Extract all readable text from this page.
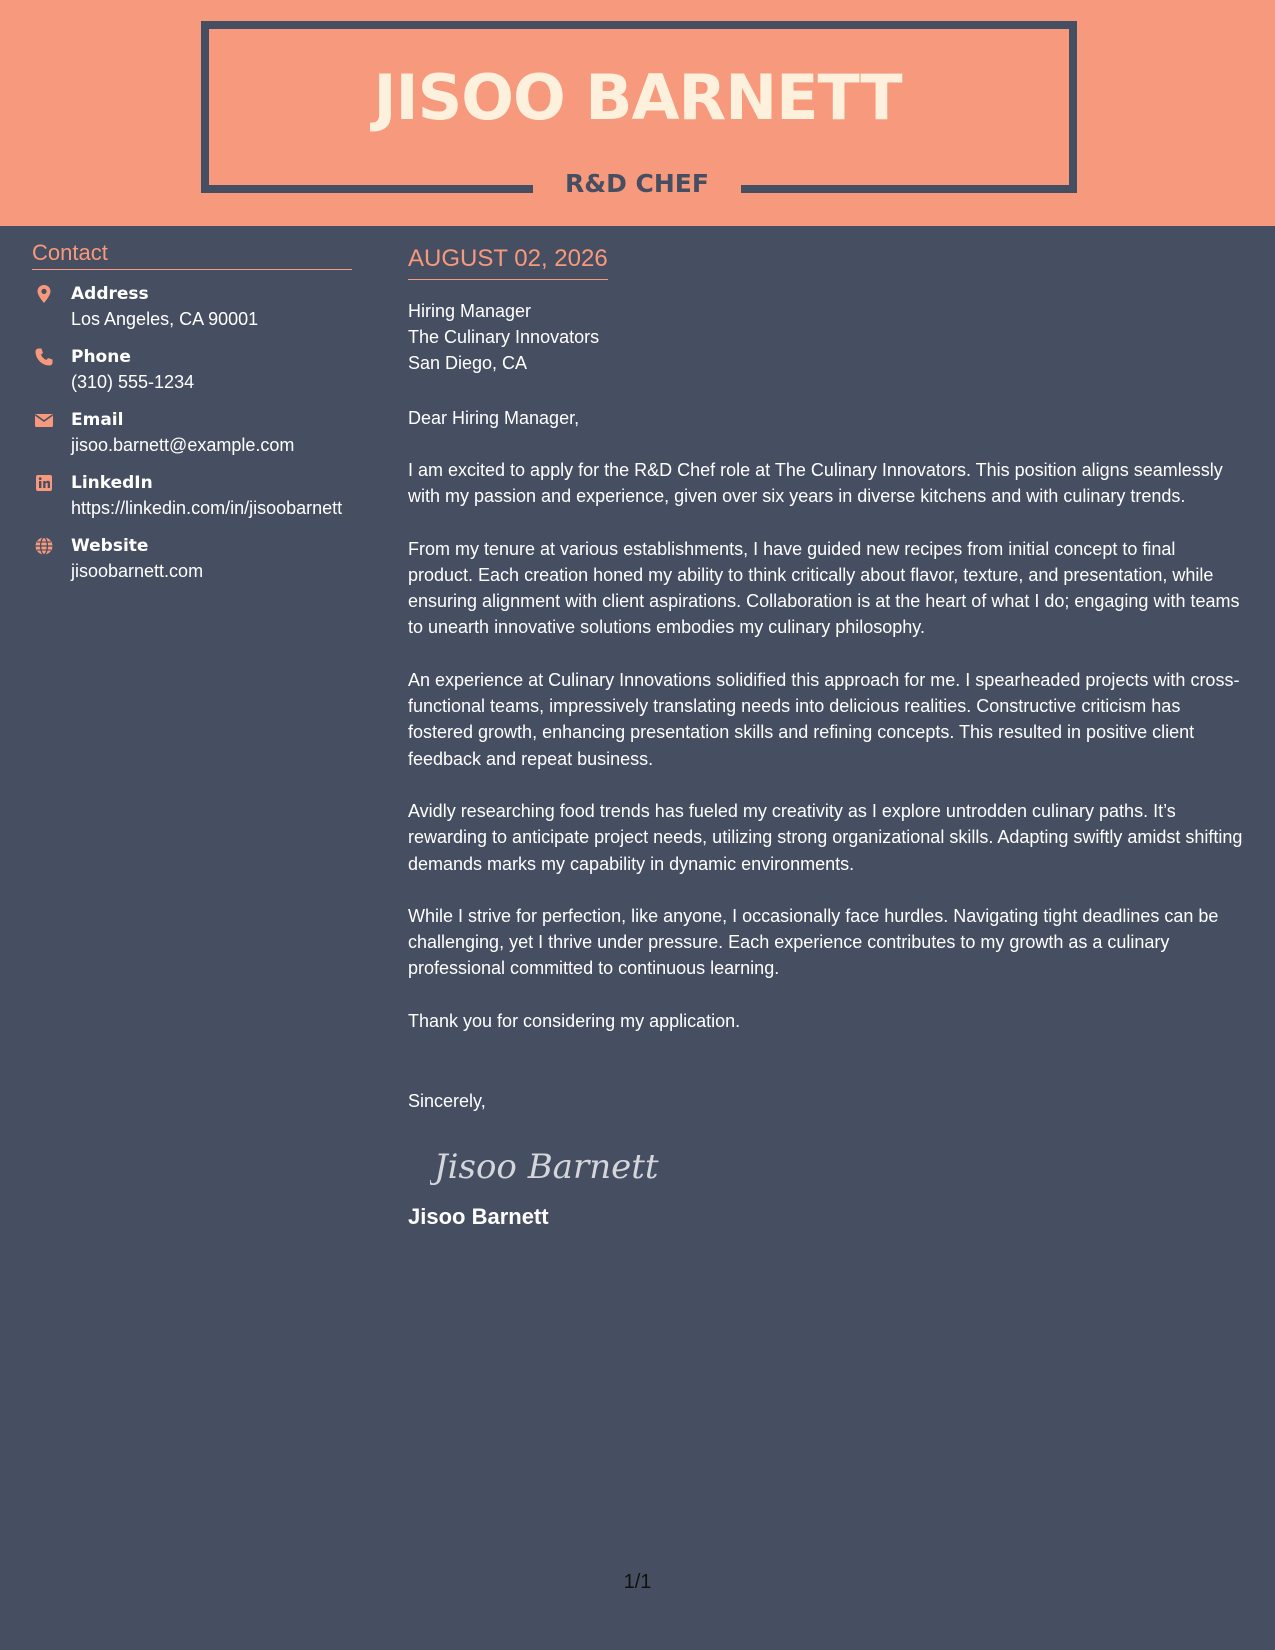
JISOO BARNETT
R&D CHEF
Contact
Address
Los Angeles, CA 90001
Phone
(310) 555-1234
Email
jisoo.barnett@example.com
LinkedIn
https://linkedin.com/in/jisoobarnett
Website
jisoobarnett.com
AUGUST 02, 2026
Hiring Manager
The Culinary Innovators
San Diego, CA
Dear Hiring Manager,
I am excited to apply for the R&D Chef role at The Culinary Innovators. This position aligns seamlessly with my passion and experience, given over six years in diverse kitchens and with culinary trends.
From my tenure at various establishments, I have guided new recipes from initial concept to final product. Each creation honed my ability to think critically about flavor, texture, and presentation, while ensuring alignment with client aspirations. Collaboration is at the heart of what I do; engaging with teams to unearth innovative solutions embodies my culinary philosophy.
An experience at Culinary Innovations solidified this approach for me. I spearheaded projects with cross-functional teams, impressively translating needs into delicious realities. Constructive criticism has fostered growth, enhancing presentation skills and refining concepts. This resulted in positive client feedback and repeat business.
Avidly researching food trends has fueled my creativity as I explore untrodden culinary paths. It’s rewarding to anticipate project needs, utilizing strong organizational skills. Adapting swiftly amidst shifting demands marks my capability in dynamic environments.
While I strive for perfection, like anyone, I occasionally face hurdles. Navigating tight deadlines can be challenging, yet I thrive under pressure. Each experience contributes to my growth as a culinary professional committed to continuous learning.
Thank you for considering my application.
Sincerely,
Jisoo Barnett
Jisoo Barnett
1/1
